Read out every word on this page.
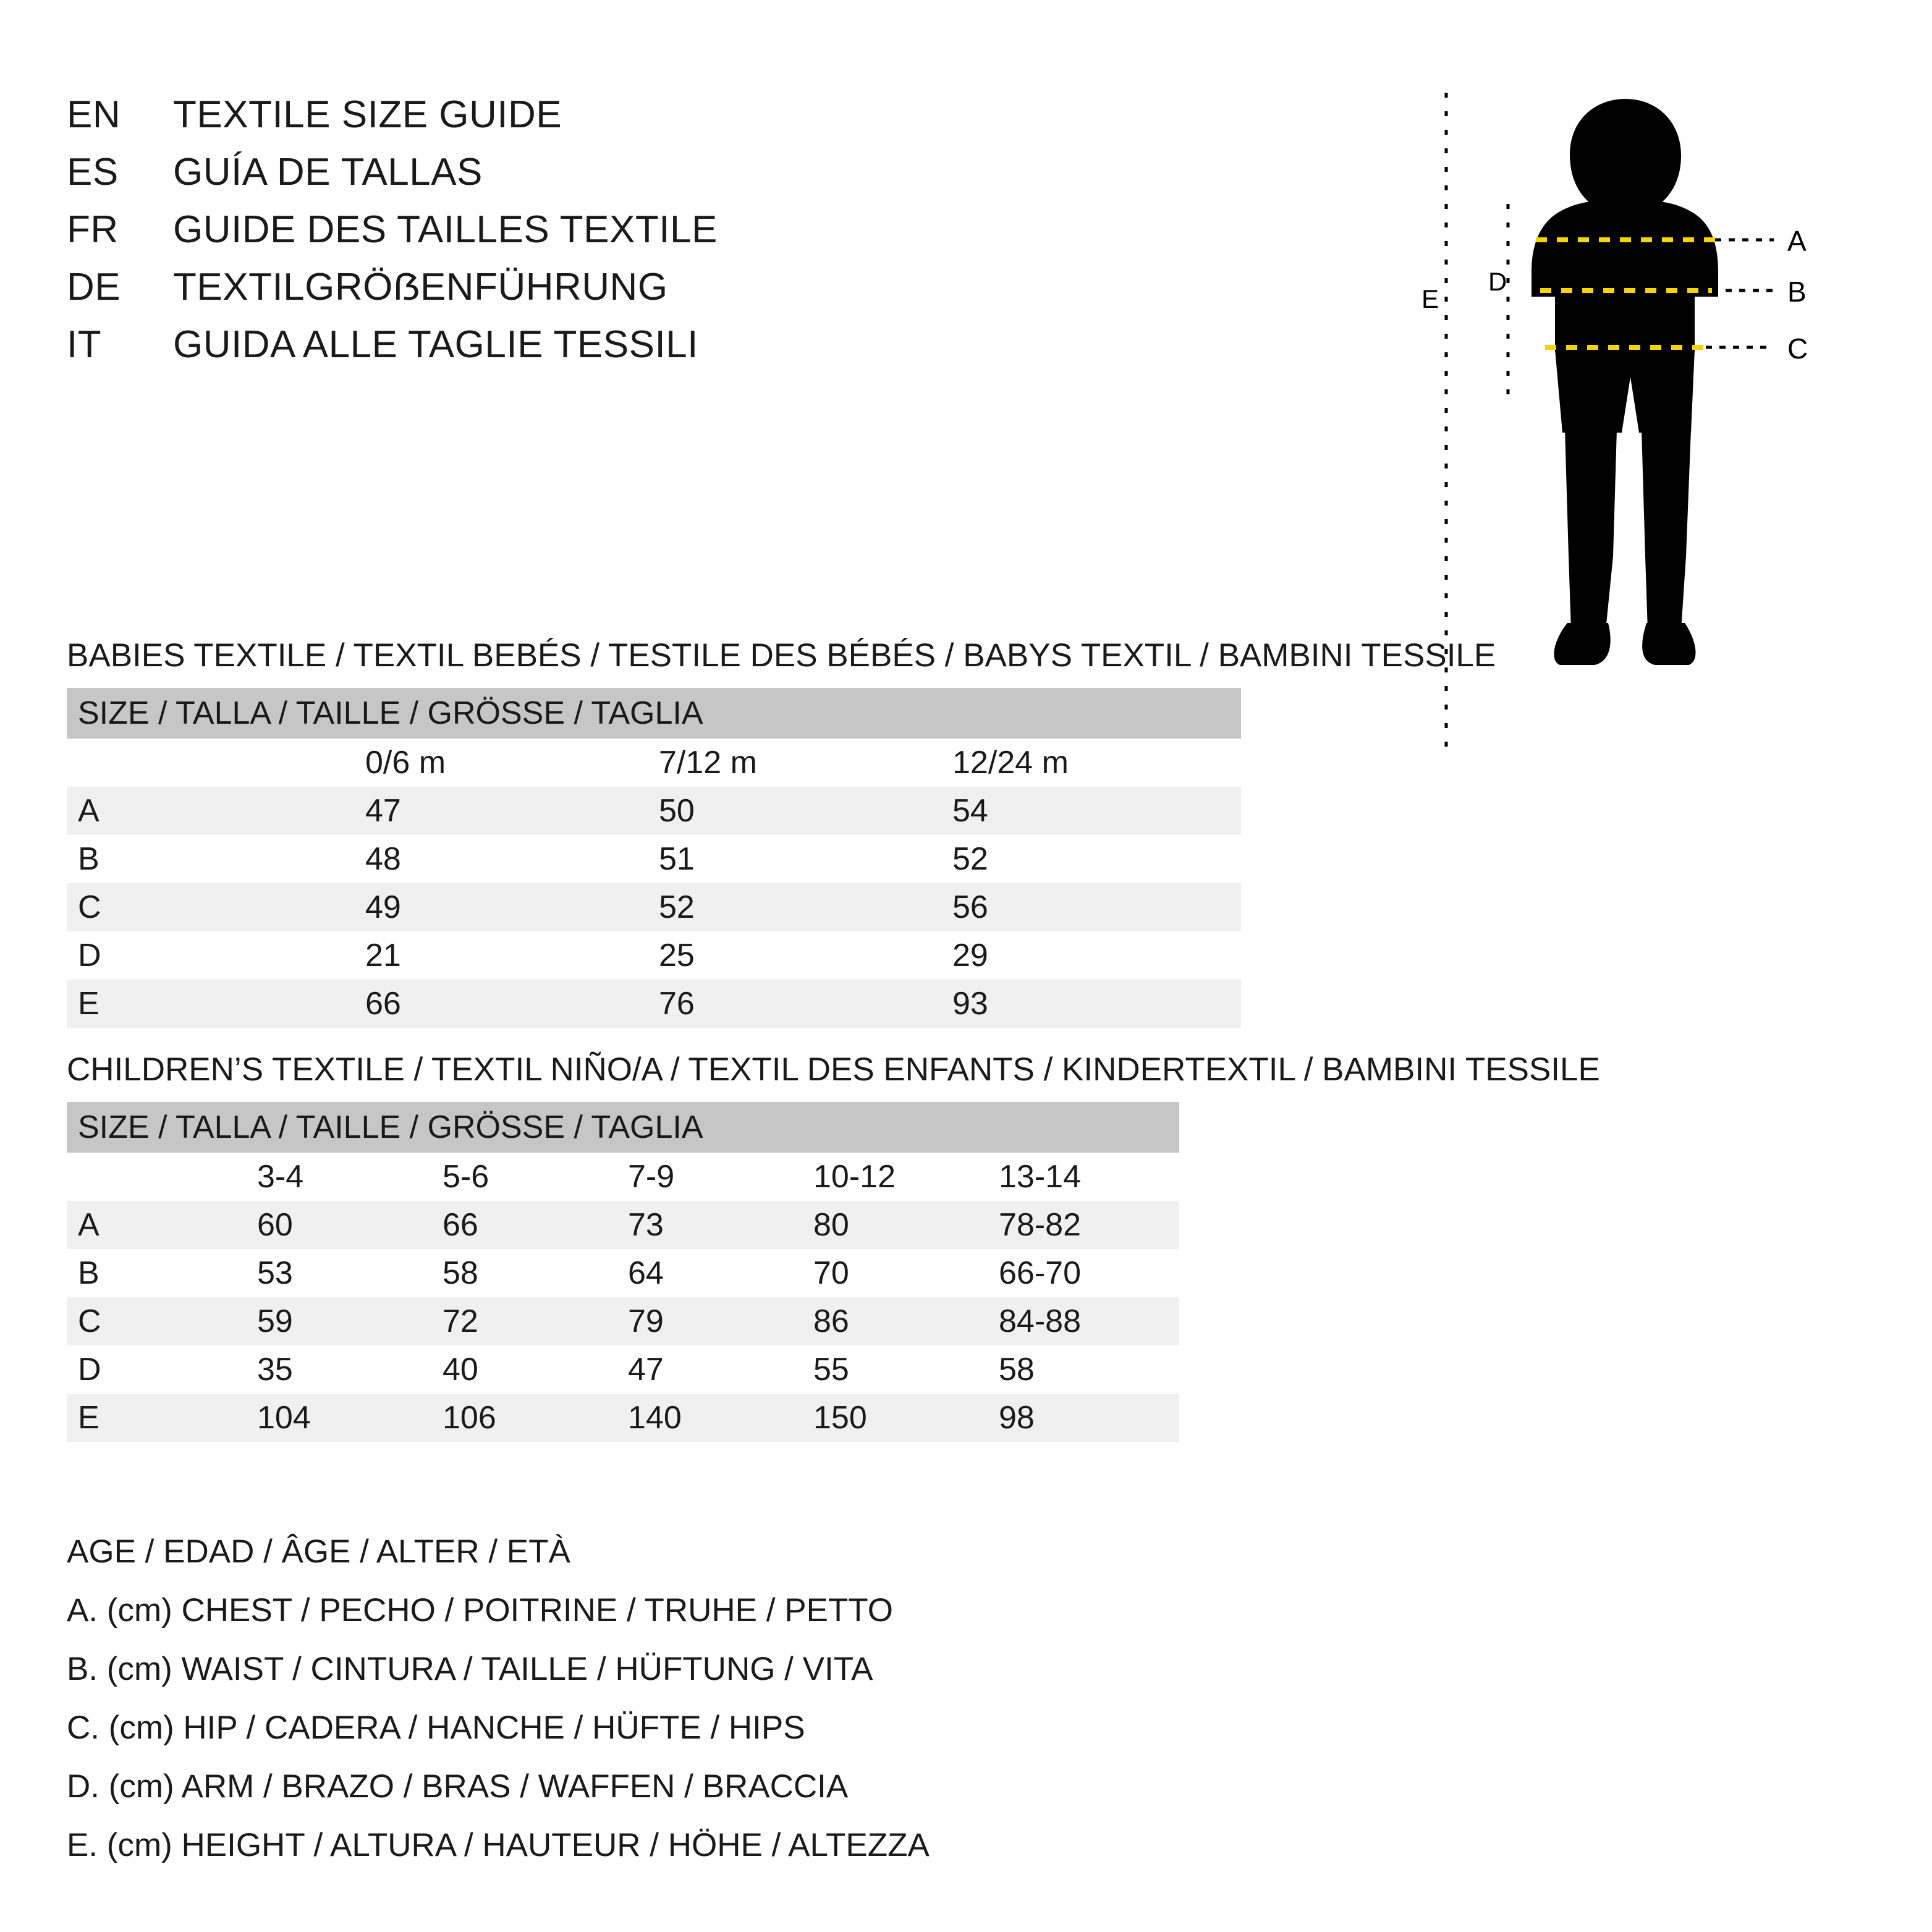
EN	TEXTILE SIZE GUIDE
ES	GUÍA DE TALLAS
FR	GUIDE DES TAILLES TEXTILE
DE	TEXTILGRÖẞENFÜHRUNG
IT	GUIDA ALLE TAGLIE TESSILI
A
B
C
D
E
BABIES TEXTILE / TEXTIL BEBÉS / TESTILE DES BÉBÉS / BABYS TEXTIL / BAMBINI TESSILE
SIZE / TALLA / TAILLE / GRÖSSE / TAGLIA			
	0/6 m	7/12 m	12/24 m
A	47	50	54
B	48	51	52
C	49	52	56
D	21	25	29
E	66	76	93
CHILDREN’S TEXTILE / TEXTIL NIÑO/A / TEXTIL DES ENFANTS / KINDERTEXTIL / BAMBINI TESSILE
SIZE / TALLA / TAILLE / GRÖSSE / TAGLIA					
	3-4	5-6	7-9	10-12	13-14
A	60	66	73	80	78-82
B	53	58	64	70	66-70
C	59	72	79	86	84-88
D	35	40	47	55	58
E	104	106	140	150	98
AGE / EDAD / ÂGE / ALTER / ETÀ
A. (cm) CHEST / PECHO / POITRINE / TRUHE / PETTO
B. (cm) WAIST / CINTURA / TAILLE / HÜFTUNG / VITA
C. (cm) HIP / CADERA / HANCHE / HÜFTE / HIPS
D. (cm) ARM / BRAZO / BRAS / WAFFEN / BRACCIA
E. (cm) HEIGHT / ALTURA / HAUTEUR / HÖHE / ALTEZZA
